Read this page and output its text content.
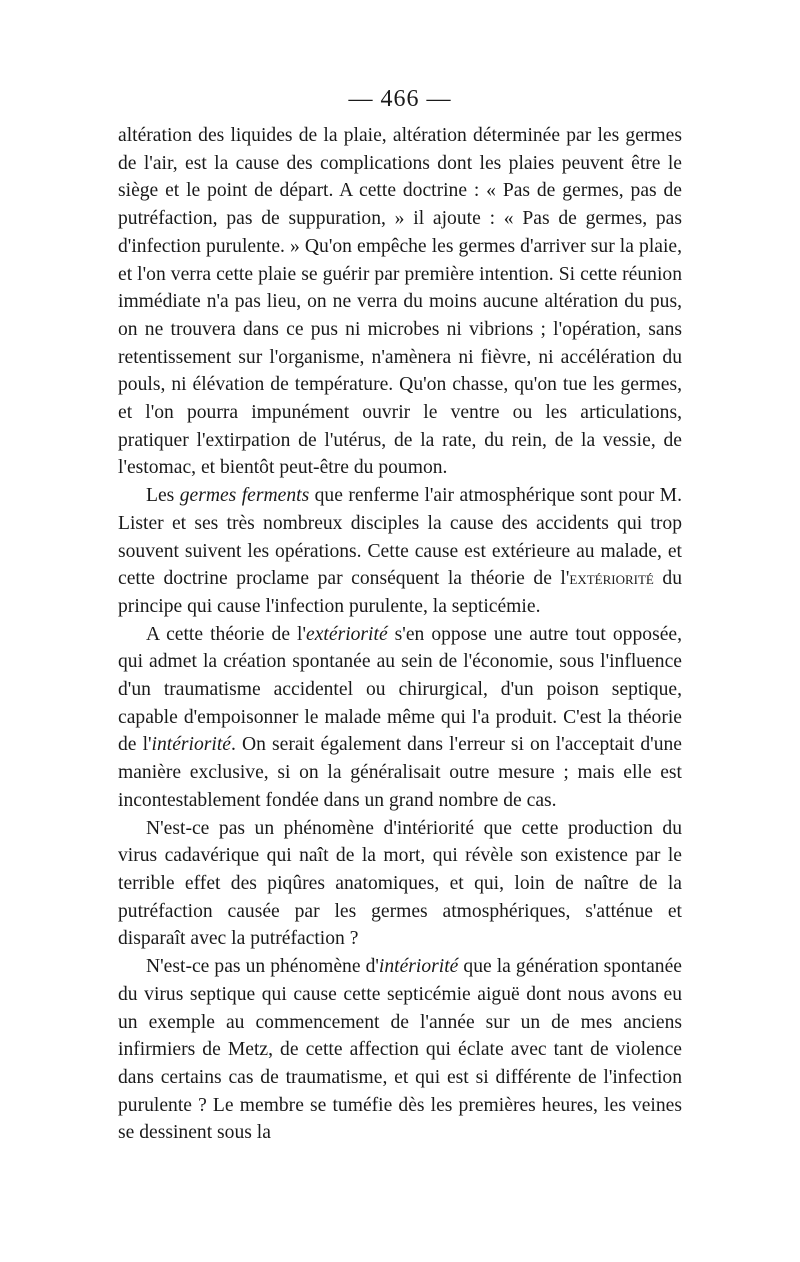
— 466 —

altération des liquides de la plaie, altération déterminée par les germes de l'air, est la cause des complications dont les plaies peuvent être le siège et le point de départ. A cette doctrine : « Pas de germes, pas de putréfaction, pas de suppuration, » il ajoute : « Pas de germes, pas d'infection purulente. » Qu'on empêche les germes d'arriver sur la plaie, et l'on verra cette plaie se guérir par première intention. Si cette réunion immédiate n'a pas lieu, on ne verra du moins aucune altération du pus, on ne trouvera dans ce pus ni microbes ni vibrions ; l'opération, sans retentissement sur l'organisme, n'amènera ni fièvre, ni accélération du pouls, ni élévation de température. Qu'on chasse, qu'on tue les germes, et l'on pourra impunément ouvrir le ventre ou les articulations, pratiquer l'extirpation de l'utérus, de la rate, du rein, de la vessie, de l'estomac, et bientôt peut-être du poumon.

Les germes ferments que renferme l'air atmosphérique sont pour M. Lister et ses très nombreux disciples la cause des accidents qui trop souvent suivent les opérations. Cette cause est extérieure au malade, et cette doctrine proclame par conséquent la théorie de l'extériorité du principe qui cause l'infection purulente, la septicémie.

A cette théorie de l'extériorité s'en oppose une autre tout opposée, qui admet la création spontanée au sein de l'économie, sous l'influence d'un traumatisme accidentel ou chirurgical, d'un poison septique, capable d'empoisonner le malade même qui l'a produit. C'est la théorie de l'intériorité. On serait également dans l'erreur si on l'acceptait d'une manière exclusive, si on la généralisait outre mesure ; mais elle est incontestablement fondée dans un grand nombre de cas.

N'est-ce pas un phénomène d'intériorité que cette production du virus cadavérique qui naît de la mort, qui révèle son existence par le terrible effet des piqûres anatomiques, et qui, loin de naître de la putréfaction causée par les germes atmosphériques, s'atténue et disparaît avec la putréfaction ?

N'est-ce pas un phénomène d'intériorité que la génération spontanée du virus septique qui cause cette septicémie aiguë dont nous avons eu un exemple au commencement de l'année sur un de mes anciens infirmiers de Metz, de cette affection qui éclate avec tant de violence dans certains cas de traumatisme, et qui est si différente de l'infection purulente ? Le membre se tuméfie dès les premières heures, les veines se dessinent sous la
